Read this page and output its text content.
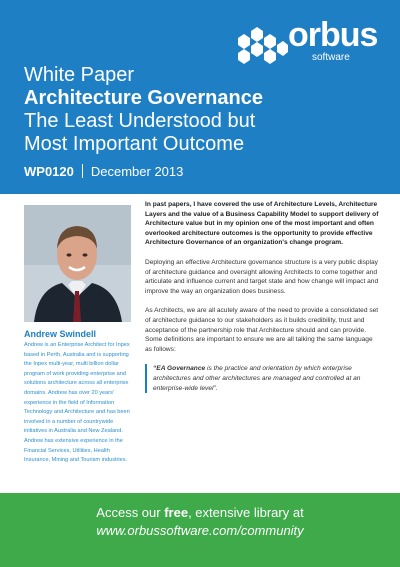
orbus
software
White Paper
Architecture Governance
The Least Understood but
Most Important Outcome
WP0120 December 2013
Andrew Swindell
Andrew is an Enterprise Architect for Inpex based in Perth, Australia and is supporting the Inpex multi-year, multi billion dollar program of work providing enterprise and solutions architecture across all enterprise domains. Andrew has over 20 years' experience in the field of Information Technology and Architecture and has been involved in a number of countrywide initiatives in Australia and New Zealand. Andrew has extensive experience in the Financial Services, Utilities, Health Insurance, Mining and Tourism industries.

In past papers, I have covered the use of Architecture Levels, Architecture Layers and the value of a Business Capability Model to support delivery of Architecture value but in my opinion one of the most important and often overlooked architecture outcomes is the opportunity to provide effective Architecture Governance of an organization's change program.

Deploying an effective Architecture governance structure is a very public display of architecture guidance and oversight allowing Architects to come together and articulate and influence current and target state and how change will impact and improve the way an organization does business.

As Architects, we are all acutely aware of the need to provide a consolidated set of architecture guidance to our stakeholders as it builds credibility, trust and acceptance of the partnership role that Architecture should and can provide. Some definitions are important to ensure we are all talking the same language as follows:

“EA Governance is the practice and orientation by which enterprise architectures and other architectures are managed and controlled at an enterprise-wide level”.

Access our free, extensive library at
www.orbussoftware.com/community
